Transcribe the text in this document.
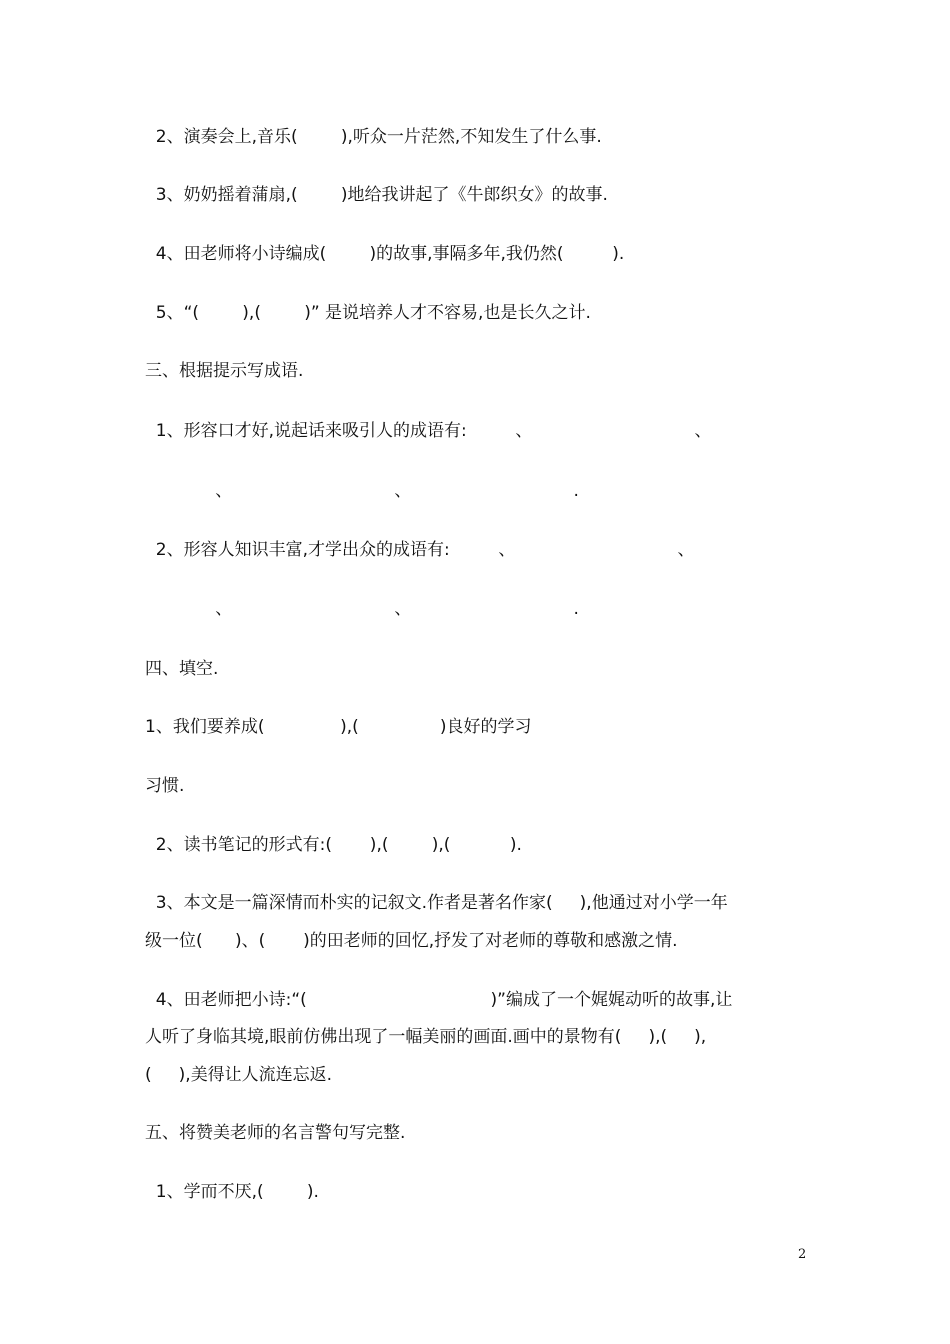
2、演奏会上,音乐(        ),听众一片茫然,不知发生了什么事.
3、奶奶摇着蒲扇,(        )地给我讲起了《牛郎织女》的故事.
4、田老师将小诗编成(        )的故事,事隔多年,我仍然(         ).
5、“(        ),(        )” 是说培养人才不容易,也是长久之计.
三、根据提示写成语.
1、形容口才好,说起话来吸引人的成语有:         、                              、
、                              、                              .
2、形容人知识丰富,才学出众的成语有:         、                              、
、                              、                              .
四、填空.
1、我们要养成(              ),(               )良好的学习
习惯.
2、读书笔记的形式有:(       ),(        ),(           ).
3、本文是一篇深情而朴实的记叙文.作者是著名作家(     ),他通过对小学一年
级一位(      )、(       )的田老师的回忆,抒发了对老师的尊敬和感激之情.
4、田老师把小诗:“(                                  )”编成了一个娓娓动听的故事,让
人听了身临其境,眼前仿佛出现了一幅美丽的画面.画中的景物有(     ),(     ),
(     ),美得让人流连忘返.
五、将赞美老师的名言警句写完整.
1、学而不厌,(        ).
2
